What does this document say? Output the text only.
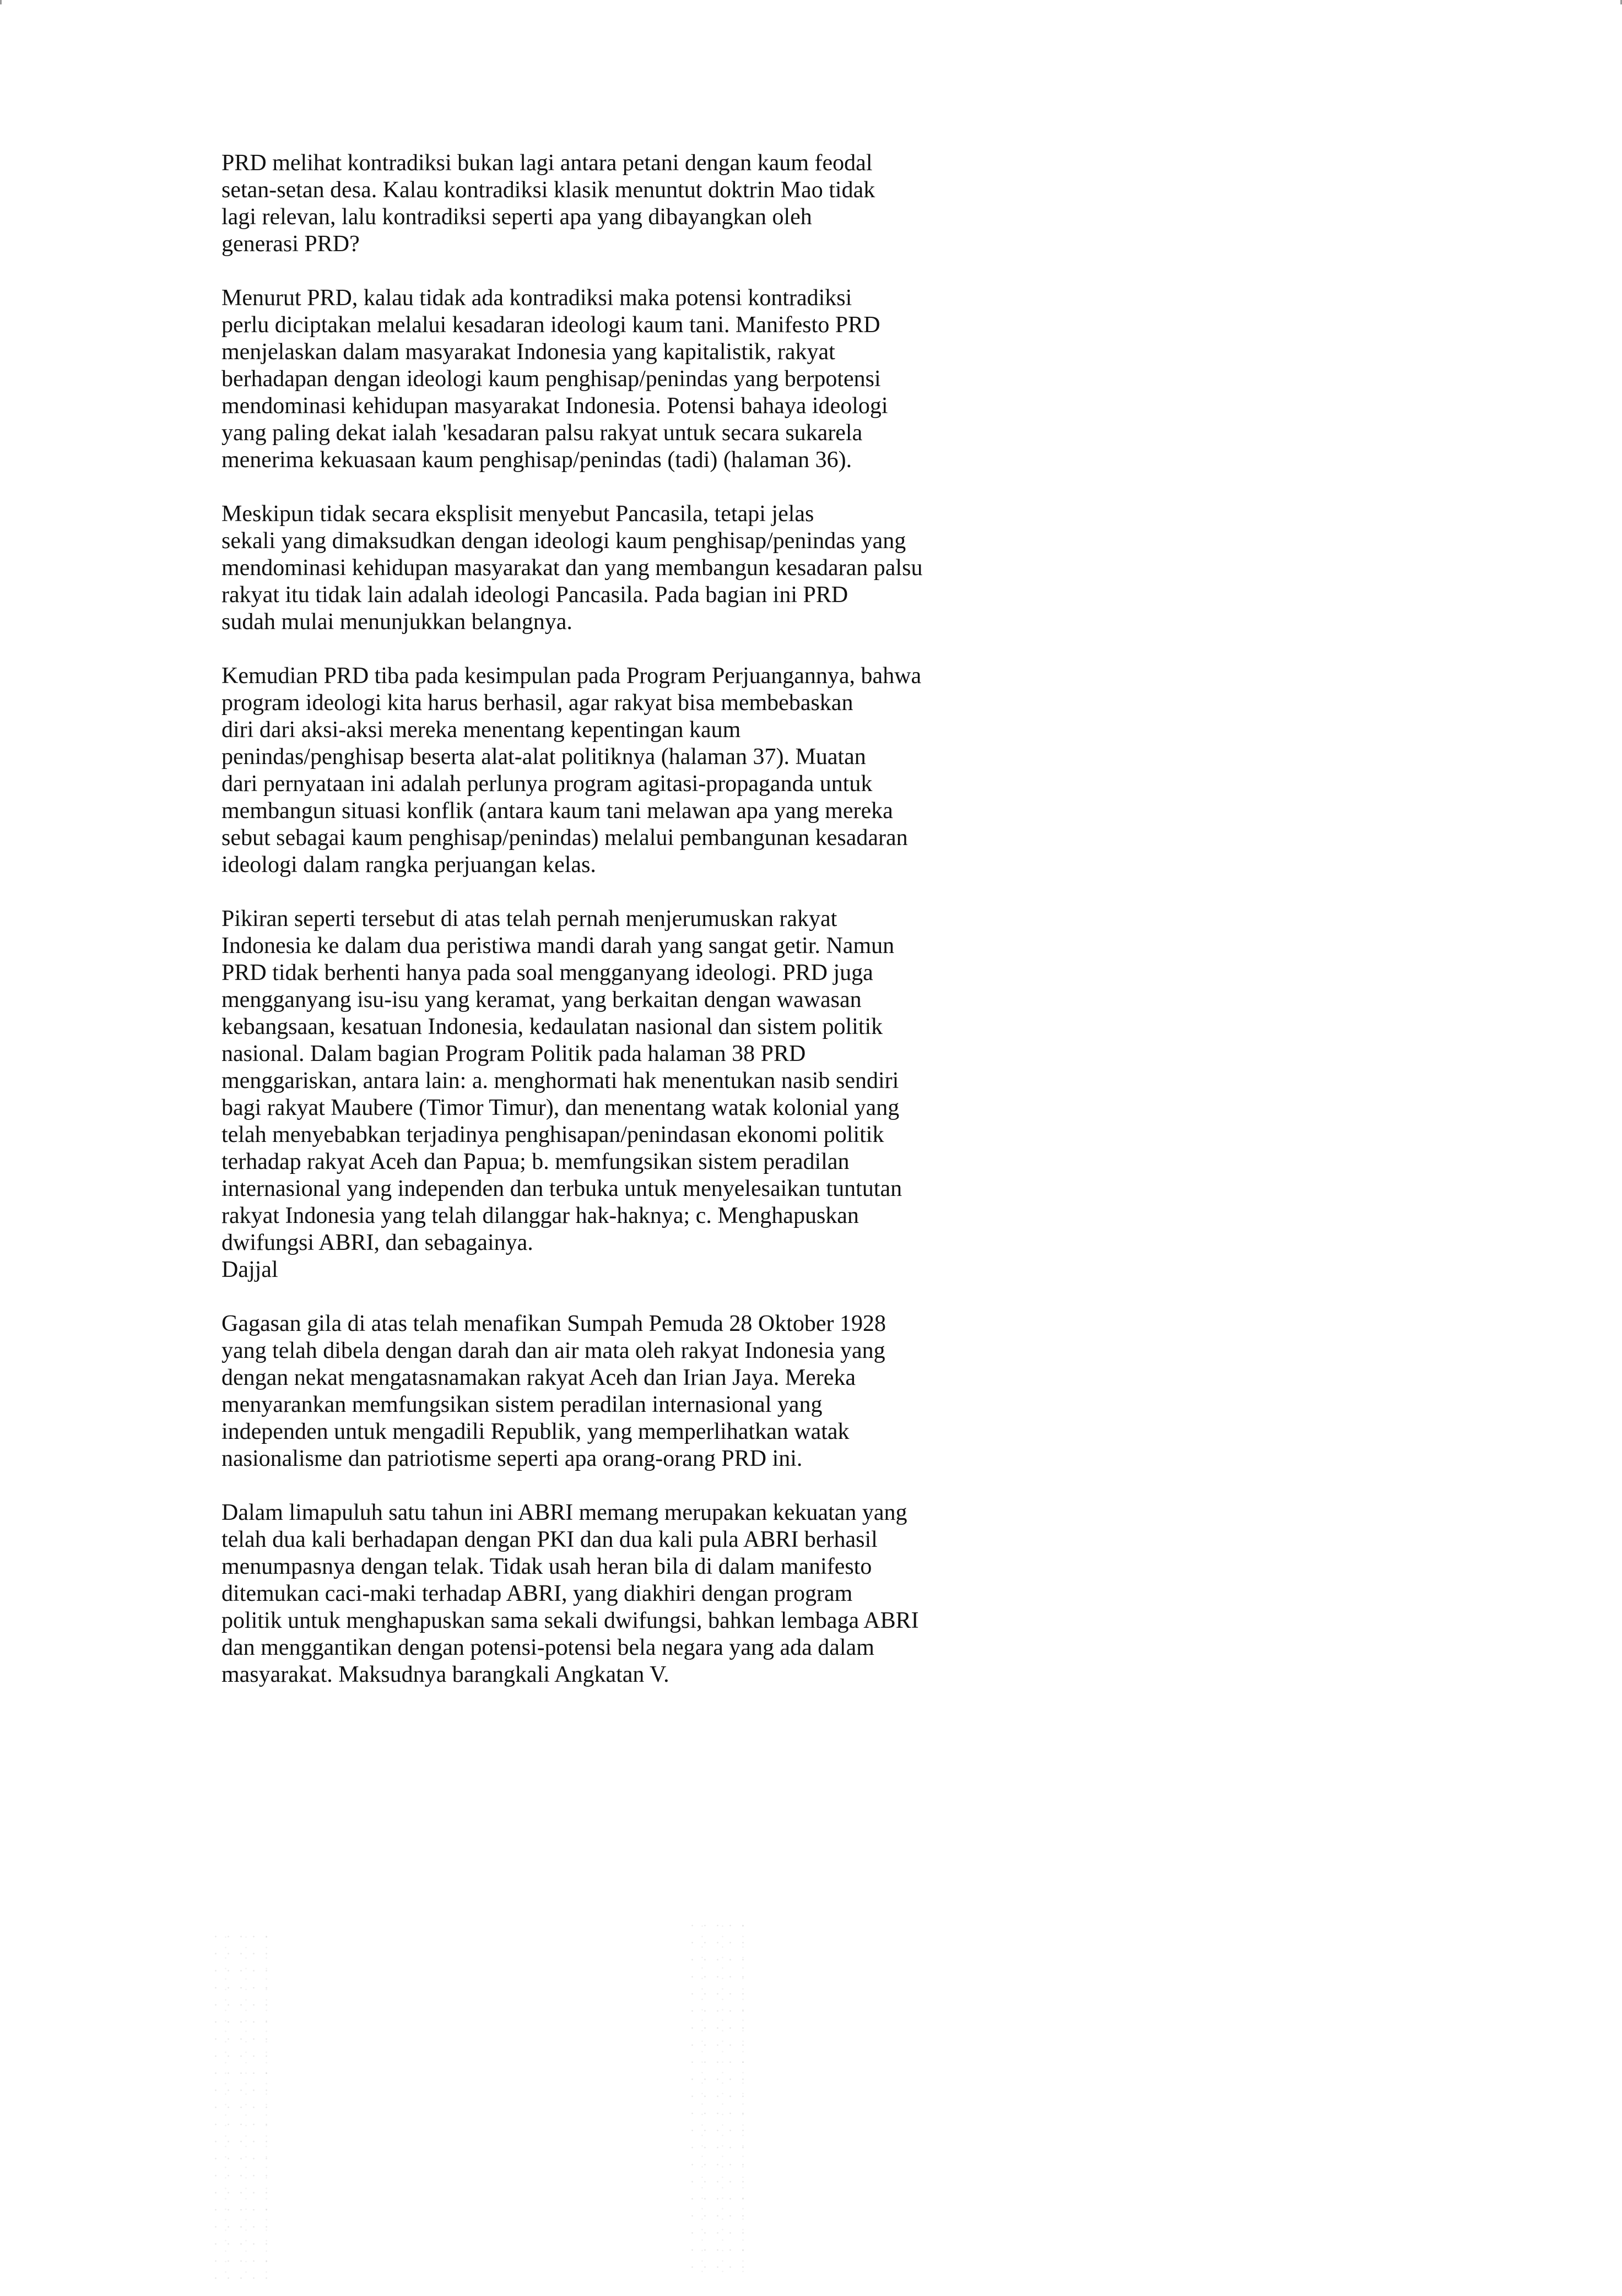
PRD melihat kontradiksi bukan lagi antara petani dengan kaum feodal
setan-setan desa. Kalau kontradiksi klasik menuntut doktrin Mao tidak
lagi relevan, lalu kontradiksi seperti apa yang dibayangkan oleh
generasi PRD?
Menurut PRD, kalau tidak ada kontradiksi maka potensi kontradiksi
perlu diciptakan melalui kesadaran ideologi kaum tani. Manifesto PRD
menjelaskan dalam masyarakat Indonesia yang kapitalistik, rakyat
berhadapan dengan ideologi kaum penghisap/penindas yang berpotensi
mendominasi kehidupan masyarakat Indonesia. Potensi bahaya ideologi
yang paling dekat ialah 'kesadaran palsu rakyat untuk secara sukarela
menerima kekuasaan kaum penghisap/penindas (tadi) (halaman 36).
Meskipun tidak secara eksplisit menyebut Pancasila, tetapi jelas
sekali yang dimaksudkan dengan ideologi kaum penghisap/penindas yang
mendominasi kehidupan masyarakat dan yang membangun kesadaran palsu
rakyat itu tidak lain adalah ideologi Pancasila. Pada bagian ini PRD
sudah mulai menunjukkan belangnya.
Kemudian PRD tiba pada kesimpulan pada Program Perjuangannya, bahwa
program ideologi kita harus berhasil, agar rakyat bisa membebaskan
diri dari aksi-aksi mereka menentang kepentingan kaum
penindas/penghisap beserta alat-alat politiknya (halaman 37). Muatan
dari pernyataan ini adalah perlunya program agitasi-propaganda untuk
membangun situasi konflik (antara kaum tani melawan apa yang mereka
sebut sebagai kaum penghisap/penindas) melalui pembangunan kesadaran
ideologi dalam rangka perjuangan kelas.
Pikiran seperti tersebut di atas telah pernah menjerumuskan rakyat
Indonesia ke dalam dua peristiwa mandi darah yang sangat getir. Namun
PRD tidak berhenti hanya pada soal mengganyang ideologi. PRD juga
mengganyang isu-isu yang keramat, yang berkaitan dengan wawasan
kebangsaan, kesatuan Indonesia, kedaulatan nasional dan sistem politik
nasional. Dalam bagian Program Politik pada halaman 38 PRD
menggariskan, antara lain: a. menghormati hak menentukan nasib sendiri
bagi rakyat Maubere (Timor Timur), dan menentang watak kolonial yang
telah menyebabkan terjadinya penghisapan/penindasan ekonomi politik
terhadap rakyat Aceh dan Papua; b. memfungsikan sistem peradilan
internasional yang independen dan terbuka untuk menyelesaikan tuntutan
rakyat Indonesia yang telah dilanggar hak-haknya; c. Menghapuskan
dwifungsi ABRI, dan sebagainya.
Dajjal
Gagasan gila di atas telah menafikan Sumpah Pemuda 28 Oktober 1928
yang telah dibela dengan darah dan air mata oleh rakyat Indonesia yang
dengan nekat mengatasnamakan rakyat Aceh dan Irian Jaya. Mereka
menyarankan memfungsikan sistem peradilan internasional yang
independen untuk mengadili Republik, yang memperlihatkan watak
nasionalisme dan patriotisme seperti apa orang-orang PRD ini.
Dalam limapuluh satu tahun ini ABRI memang merupakan kekuatan yang
telah dua kali berhadapan dengan PKI dan dua kali pula ABRI berhasil
menumpasnya dengan telak. Tidak usah heran bila di dalam manifesto
ditemukan caci-maki terhadap ABRI, yang diakhiri dengan program
politik untuk menghapuskan sama sekali dwifungsi, bahkan lembaga ABRI
dan menggantikan dengan potensi-potensi bela negara yang ada dalam
masyarakat. Maksudnya barangkali Angkatan V.
